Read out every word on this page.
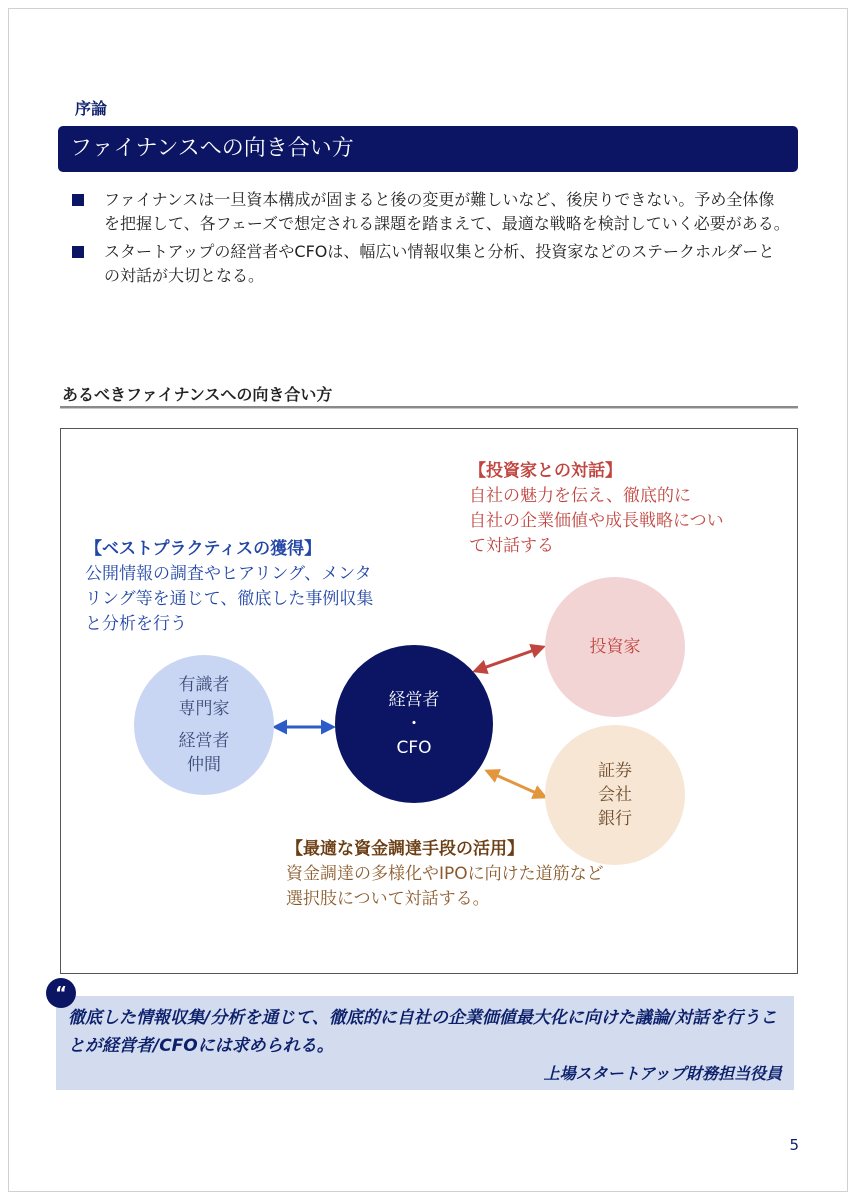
序論
ファイナンスへの向き合い方
ファイナンスは一旦資本構成が固まると後の変更が難しいなど、後戻りできない。予め全体像を把握して、各フェーズで想定される課題を踏まえて、最適な戦略を検討していく必要がある。
スタートアップの経営者やCFOは、幅広い情報収集と分析、投資家などのステークホルダーとの対話が大切となる。
あるべきファイナンスへの向き合い方
【ベストプラクティスの獲得】
公開情報の調査やヒアリング、メンタ
リング等を通じて、徹底した事例収集
と分析を行う
【投資家との対話】
自社の魅力を伝え、徹底的に
自社の企業価値や成長戦略につい
て対話する
【最適な資金調達手段の活用】
資金調達の多様化やIPOに向けた道筋など
選択肢について対話する。
有識者
専門家
経営者
仲間
経営者
・
CFO
投資家
証券
会社
銀行
徹底した情報収集/分析を通じて、徹底的に自社の企業価値最大化に向けた議論/対話を行うことが経営者/CFOには求められる。
上場スタートアップ財務担当役員
“
5
